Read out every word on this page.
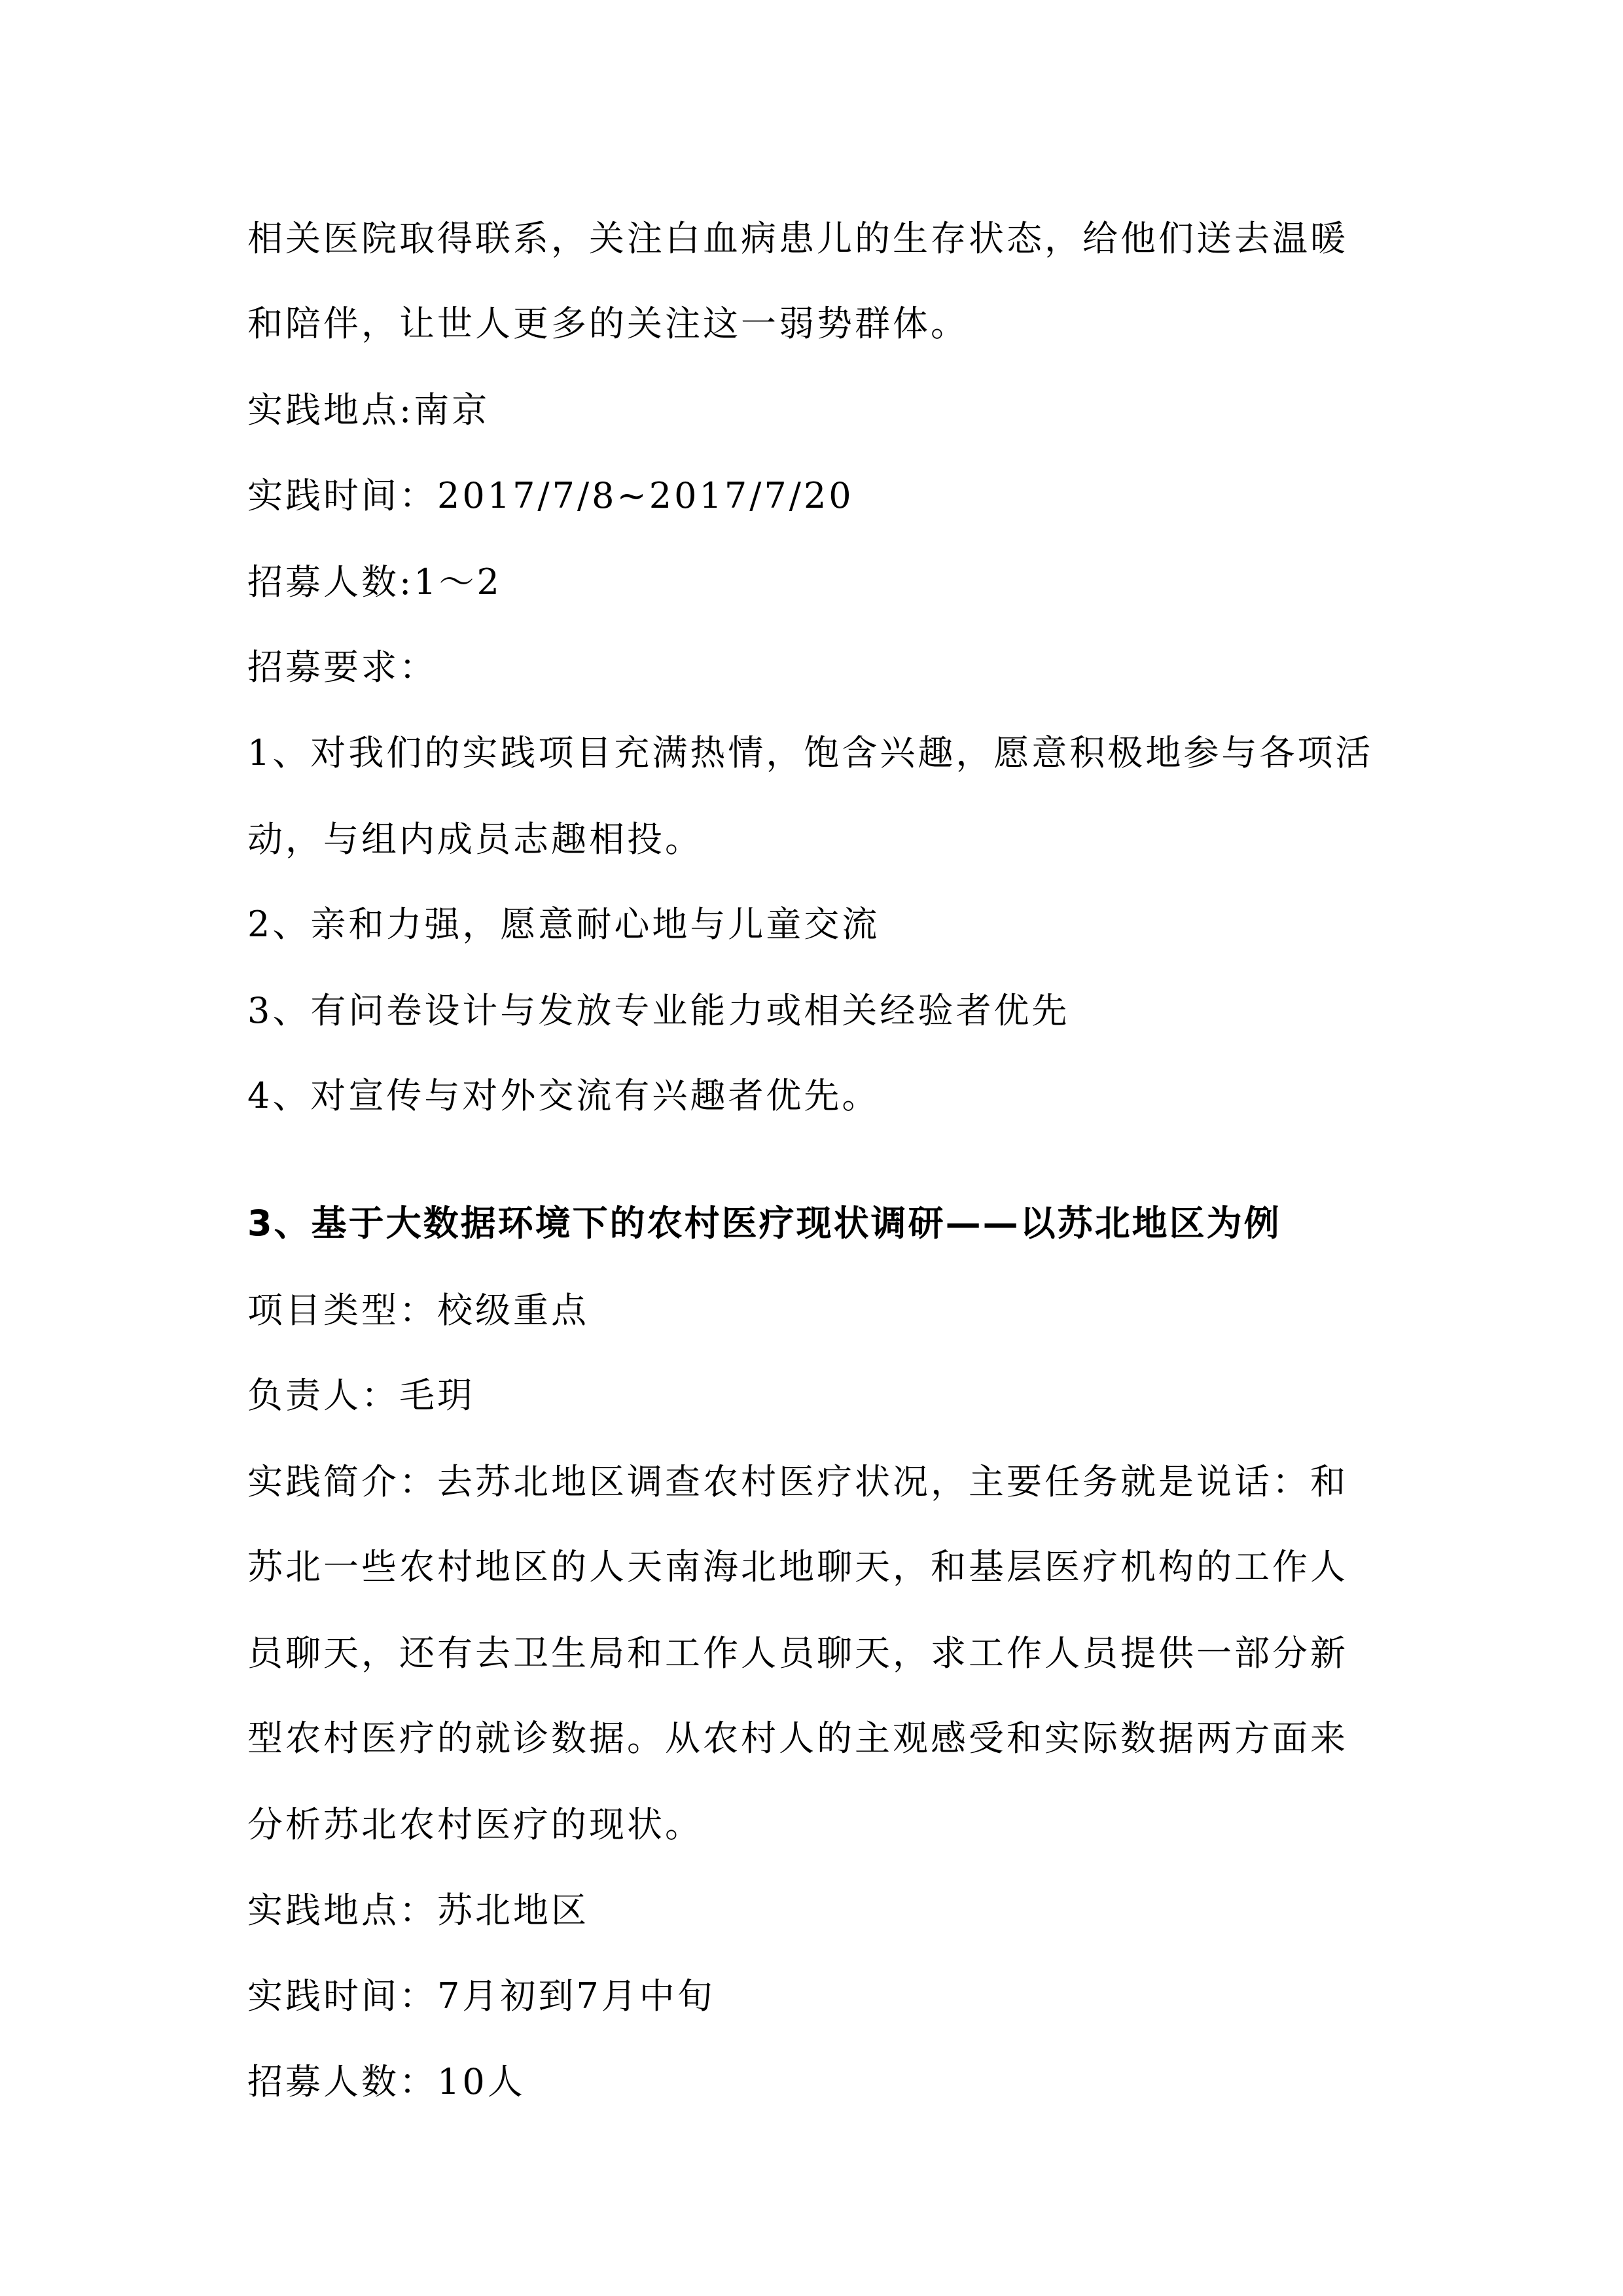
相关医院取得联系，关注白血病患儿的生存状态，给他们送去温暖
和陪伴，让世人更多的关注这一弱势群体。
实践地点:南京
实践时间：2017/7/8~2017/7/20
招募人数:1～2
招募要求：
1、对我们的实践项目充满热情，饱含兴趣，愿意积极地参与各项活
动，与组内成员志趣相投。
2、亲和力强，愿意耐心地与儿童交流
3、有问卷设计与发放专业能力或相关经验者优先
4、对宣传与对外交流有兴趣者优先。
3、基于大数据环境下的农村医疗现状调研——以苏北地区为例
项目类型：校级重点
负责人：毛玥
实践简介：去苏北地区调查农村医疗状况，主要任务就是说话：和
苏北一些农村地区的人天南海北地聊天，和基层医疗机构的工作人
员聊天，还有去卫生局和工作人员聊天，求工作人员提供一部分新
型农村医疗的就诊数据。从农村人的主观感受和实际数据两方面来
分析苏北农村医疗的现状。
实践地点：苏北地区
实践时间：7月初到7月中旬
招募人数：10人
